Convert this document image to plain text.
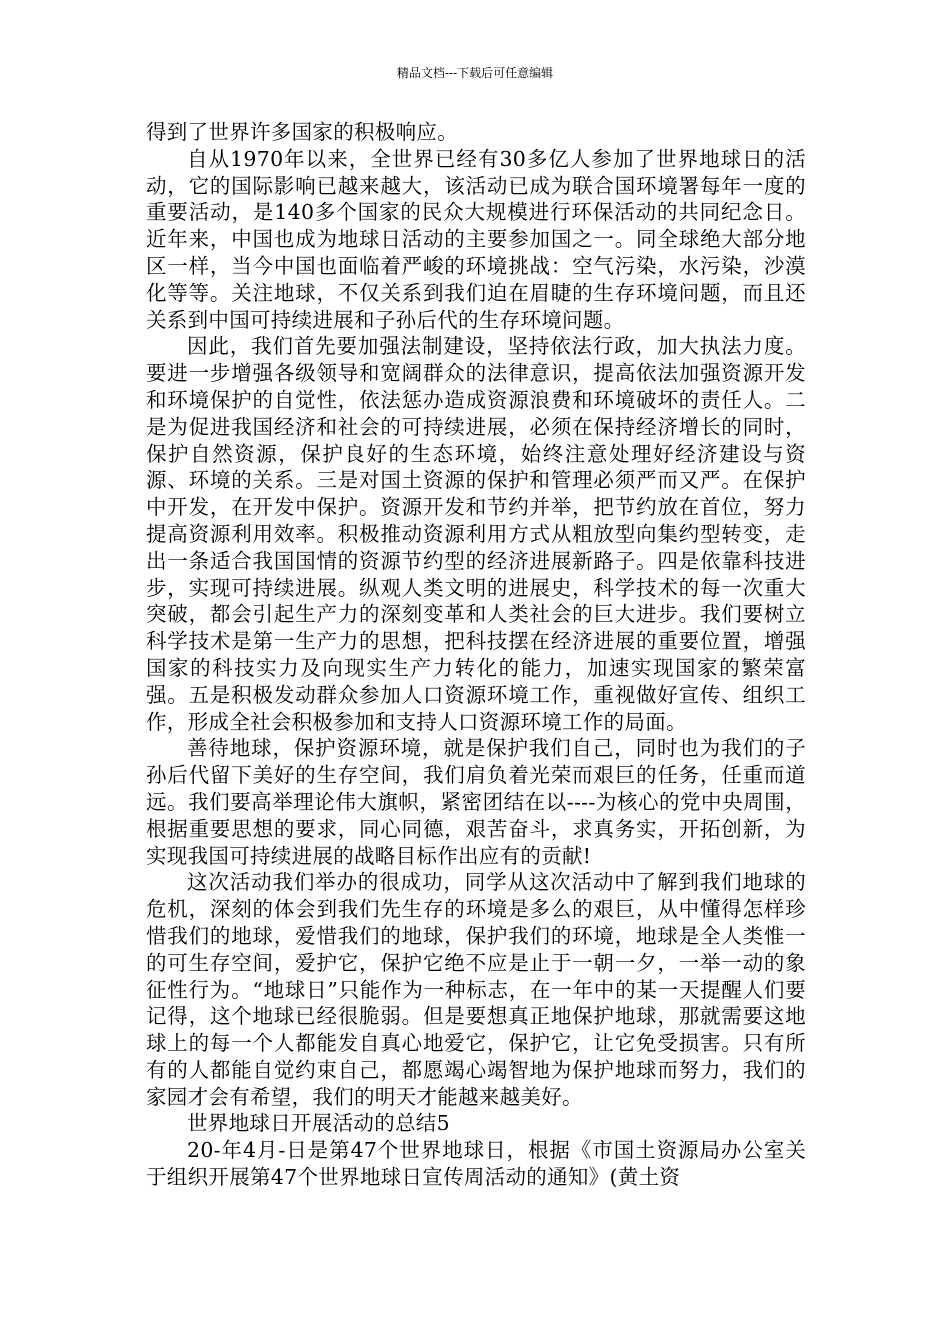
精品文档---下载后可任意编辑

得到了世界许多国家的积极响应。

自从1970年以来，全世界已经有30多亿人参加了世界地球日的活动，它的国际影响已越来越大，该活动已成为联合国环境署每年一度的重要活动，是140多个国家的民众大规模进行环保活动的共同纪念日。近年来，中国也成为地球日活动的主要参加国之一。同全球绝大部分地区一样，当今中国也面临着严峻的环境挑战：空气污染，水污染，沙漠化等等。关注地球，不仅关系到我们迫在眉睫的生存环境问题，而且还关系到中国可持续进展和子孙后代的生存环境问题。

因此，我们首先要加强法制建设，坚持依法行政，加大执法力度。要进一步增强各级领导和宽阔群众的法律意识，提高依法加强资源开发和环境保护的自觉性，依法惩办造成资源浪费和环境破坏的责任人。二是为促进我国经济和社会的可持续进展，必须在保持经济增长的同时，保护自然资源，保护良好的生态环境，始终注意处理好经济建设与资源、环境的关系。三是对国土资源的保护和管理必须严而又严。在保护中开发，在开发中保护。资源开发和节约并举，把节约放在首位，努力提高资源利用效率。积极推动资源利用方式从粗放型向集约型转变，走出一条适合我国国情的资源节约型的经济进展新路子。四是依靠科技进步，实现可持续进展。纵观人类文明的进展史，科学技术的每一次重大突破，都会引起生产力的深刻变革和人类社会的巨大进步。我们要树立科学技术是第一生产力的思想，把科技摆在经济进展的重要位置，增强国家的科技实力及向现实生产力转化的能力，加速实现国家的繁荣富强。五是积极发动群众参加人口资源环境工作，重视做好宣传、组织工作，形成全社会积极参加和支持人口资源环境工作的局面。

善待地球，保护资源环境，就是保护我们自己，同时也为我们的子孙后代留下美好的生存空间，我们肩负着光荣而艰巨的任务，任重而道远。我们要高举理论伟大旗帜，紧密团结在以----为核心的党中央周围，根据重要思想的要求，同心同德，艰苦奋斗，求真务实，开拓创新，为实现我国可持续进展的战略目标作出应有的贡献!

这次活动我们举办的很成功，同学从这次活动中了解到我们地球的危机，深刻的体会到我们先生存的环境是多么的艰巨，从中懂得怎样珍惜我们的地球，爱惜我们的地球，保护我们的环境，地球是全人类惟一的可生存空间，爱护它，保护它绝不应是止于一朝一夕，一举一动的象征性行为。“地球日”只能作为一种标志，在一年中的某一天提醒人们要记得，这个地球已经很脆弱。但是要想真正地保护地球，那就需要这地球上的每一个人都能发自真心地爱它，保护它，让它免受损害。只有所有的人都能自觉约束自己，都愿竭心竭智地为保护地球而努力，我们的家园才会有希望，我们的明天才能越来越美好。

世界地球日开展活动的总结5

20-年4月-日是第47个世界地球日，根据《市国土资源局办公室关于组织开展第47个世界地球日宣传周活动的通知》(黄土资
